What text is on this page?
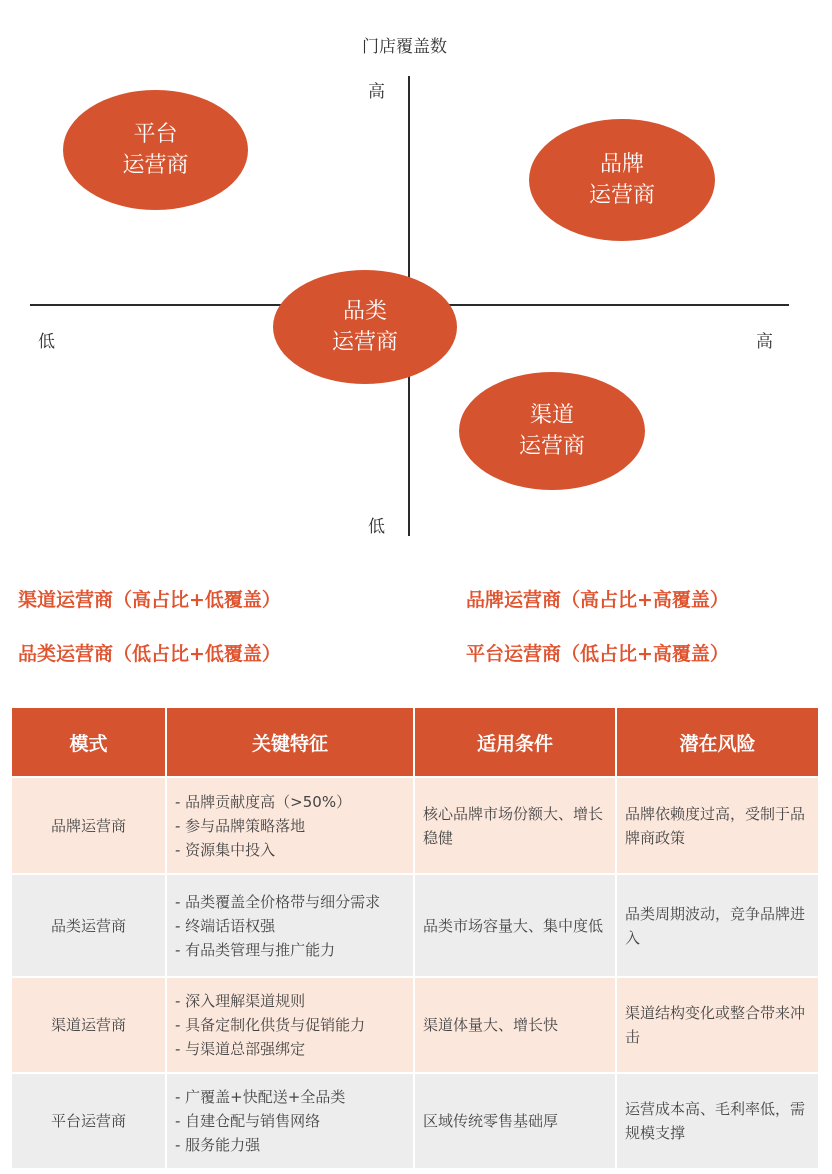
门店覆盖数
高
低
低	高
平台
运营商	品牌
运营商
品类
运营商
渠道
运营商
渠道运营商（高占比+低覆盖）	品牌运营商（高占比+高覆盖）
品类运营商（低占比+低覆盖）	平台运营商（低占比+高覆盖）
模式	关键特征	适用条件	潜在风险
品牌运营商	- 品牌贡献度高（>50%）
- 参与品牌策略落地
- 资源集中投入	核心品牌市场份额大、增长稳健	品牌依赖度过高，受制于品牌商政策
品类运营商	- 品类覆盖全价格带与细分需求
- 终端话语权强
- 有品类管理与推广能力	品类市场容量大、集中度低	品类周期波动，竞争品牌进入
渠道运营商	- 深入理解渠道规则
- 具备定制化供货与促销能力
- 与渠道总部强绑定	渠道体量大、增长快	渠道结构变化或整合带来冲击
平台运营商	- 广覆盖+快配送+全品类
- 自建仓配与销售网络
- 服务能力强	区域传统零售基础厚	运营成本高、毛利率低，需规模支撑
